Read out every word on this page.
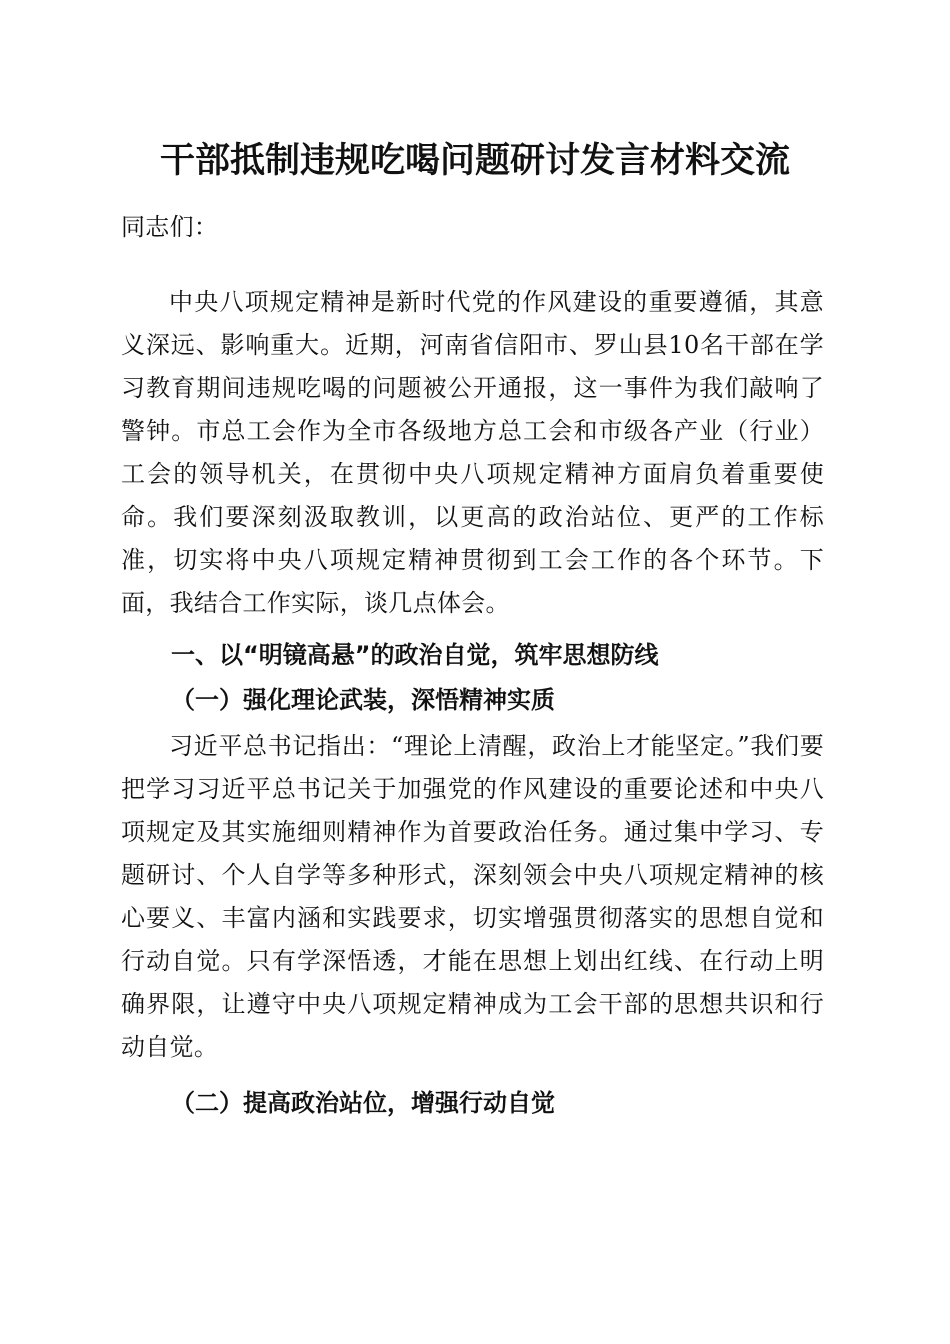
干部抵制违规吃喝问题研讨发言材料交流
同志们：
中央八项规定精神是新时代党的作风建设的重要遵循，其意义深远、影响重大。近期，河南省信阳市、罗山县10名干部在学习教育期间违规吃喝的问题被公开通报，这一事件为我们敲响了警钟。市总工会作为全市各级地方总工会和市级各产业（行业）工会的领导机关，在贯彻中央八项规定精神方面肩负着重要使命。我们要深刻汲取教训，以更高的政治站位、更严的工作标准，切实将中央八项规定精神贯彻到工会工作的各个环节。下面，我结合工作实际，谈几点体会。
一、以“明镜高悬”的政治自觉，筑牢思想防线
（一）强化理论武装，深悟精神实质
习近平总书记指出：“理论上清醒，政治上才能坚定。”我们要把学习习近平总书记关于加强党的作风建设的重要论述和中央八项规定及其实施细则精神作为首要政治任务。通过集中学习、专题研讨、个人自学等多种形式，深刻领会中央八项规定精神的核心要义、丰富内涵和实践要求，切实增强贯彻落实的思想自觉和行动自觉。只有学深悟透，才能在思想上划出红线、在行动上明确界限，让遵守中央八项规定精神成为工会干部的思想共识和行动自觉。
（二）提高政治站位，增强行动自觉
